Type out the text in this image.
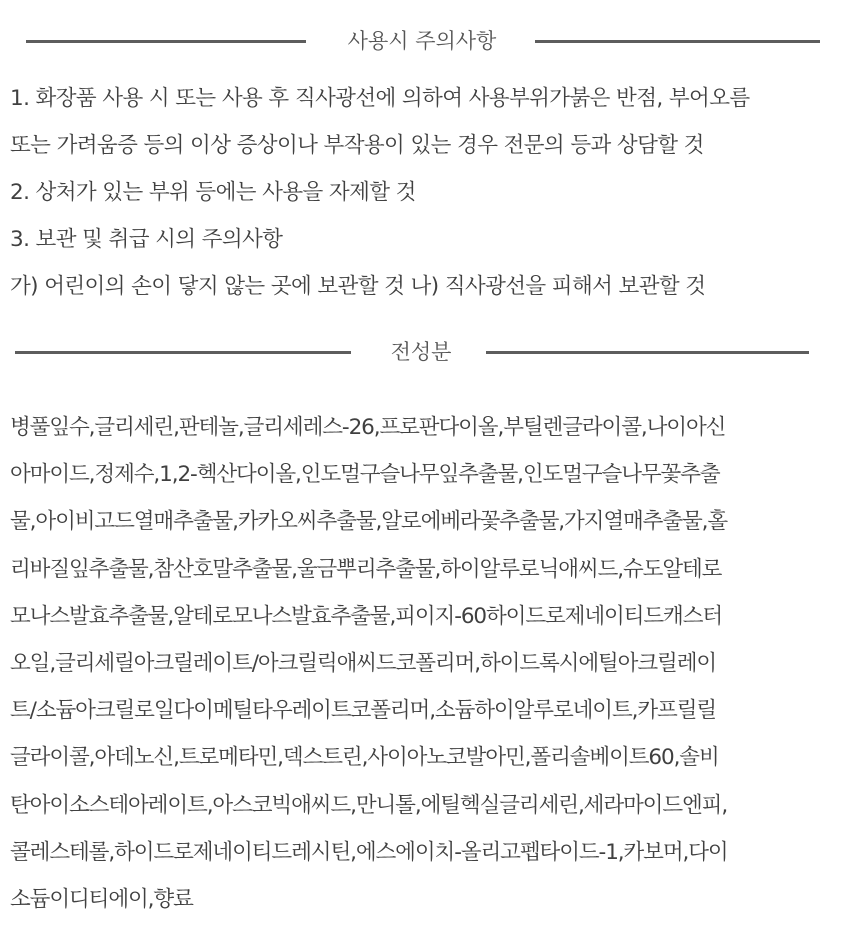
사용시 주의사항
1. 화장품 사용 시 또는 사용 후 직사광선에 의하여 사용부위가붉은 반점, 부어오름
또는 가려움증 등의 이상 증상이나 부작용이 있는 경우 전문의 등과 상담할 것
2. 상처가 있는 부위 등에는 사용을 자제할 것
3. 보관 및 취급 시의 주의사항
가) 어린이의 손이 닿지 않는 곳에 보관할 것 나) 직사광선을 피해서 보관할 것
전성분
병풀잎수,글리세린,판테놀,글리세레스-26,프로판다이올,부틸렌글라이콜,나이아신
아마이드,정제수,1,2-헥산다이올,인도멀구슬나무잎추출물,인도멀구슬나무꽃추출
물,아이비고드열매추출물,카카오씨추출물,알로에베라꽃추출물,가지열매추출물,홀
리바질잎추출물,참산호말추출물,울금뿌리추출물,하이알루로닉애씨드,슈도알테로
모나스발효추출물,알테로모나스발효추출물,피이지-60하이드로제네이티드캐스터
오일,글리세릴아크릴레이트/아크릴릭애씨드코폴리머,하이드록시에틸아크릴레이
트/소듐아크릴로일다이메틸타우레이트코폴리머,소듐하이알루로네이트,카프릴릴
글라이콜,아데노신,트로메타민,덱스트린,사이아노코발아민,폴리솔베이트60,솔비
탄아이소스테아레이트,아스코빅애씨드,만니톨,에틸헥실글리세린,세라마이드엔피,
콜레스테롤,하이드로제네이티드레시틴,에스에이치-올리고펩타이드-1,카보머,다이
소듐이디티에이,향료
